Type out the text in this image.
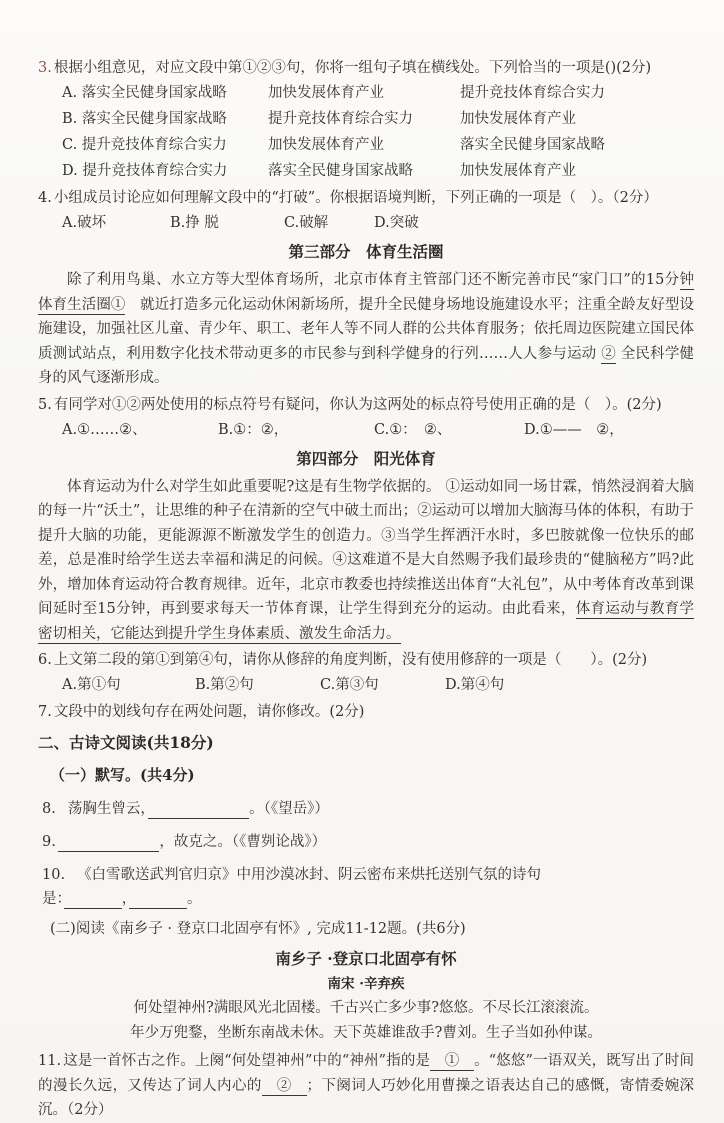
3. 根据小组意见，对应文段中第①②③句，你将一组句子填在横线处。下列恰当的一项是()(2分)
A. 落实全民健身国家战略	加快发展体育产业	提升竞技体育综合实力
B. 落实全民健身国家战略	提升竞技体育综合实力	加快发展体育产业
C. 提升竞技体育综合实力	加快发展体育产业	落实全民健身国家战略
D. 提升竞技体育综合实力	落实全民健身国家战略	加快发展体育产业
4. 小组成员讨论应如何理解文段中的“打破”。你根据语境判断，下列正确的一项是（　）。（2分）
A.破坏	B.挣 脱	C.破解	D.突破
第三部分　体育生活圈

除了利用鸟巢、水立方等大型体育场所，北京市体育主管部门还不断完善市民“家门口”的15分钟体育生活圈①　就近打造多元化运动休闲新场所，提升全民健身场地设施建设水平；注重全龄友好型设施建设，加强社区儿童、青少年、职工、老年人等不同人群的公共体育服务；依托周边医院建立国民体质测试站点，利用数字化技术带动更多的市民参与到科学健身的行列……人人参与运动 ② 全民科学健身的风气逐渐形成。

5. 有同学对①②两处使用的标点符号有疑问，你认为这两处的标点符号使用正确的是（　）。(2分)
A.①……②、	B.①：②，	C.①：　②、	D.①——　②，
第四部分　阳光体育

体育运动为什么对学生如此重要呢?这是有生物学依据的。 ①运动如同一场甘霖，悄然浸润着大脑的每一片“沃土”，让思维的种子在清新的空气中破土而出；②运动可以增加大脑海马体的体积，有助于提升大脑的功能，更能源源不断激发学生的创造力。③当学生挥洒汗水时，多巴胺就像一位快乐的邮差，总是准时给学生送去幸福和满足的问候。④这难道不是大自然赐予我们最珍贵的“健脑秘方”吗?此外，增加体育运动符合教育规律。近年，北京市教委也持续推送出体育“大礼包”，从中考体育改革到课间延时至15分钟，再到要求每天一节体育课，让学生得到充分的运动。由此看来，体育运动与教育学密切相关，它能达到提升学生身体素质、激发生命活力。

6. 上文第二段的第①到第④句，请你从修辞的角度判断，没有使用修辞的一项是（　　）。(2分)
A.第①句	B.第②句	C.第③句	D.第④句
7. 文段中的划线句存在两处问题，请你修改。(2分)
二、古诗文阅读(共18分)
（一）默写。(共4分)
8. 荡胸生曾云，　　　　　　　	。（《望岳》）
9.　　　　　　　	，故克之。（《曹刿论战》）
10. 《白雪歌送武判官归京》中用沙漠冰封、阴云密布来烘托送别气氛的诗句是：　　　　	，　　　　	。
(二)阅读《南乡子 · 登京口北固亭有怀》, 完成11-12题。(共6分)
南乡子 ·登京口北固亭有怀
南宋 ·辛弃疾
何处望神州?满眼风光北固楼。千古兴亡多少事?悠悠。不尽长江滚滚流。
年少万兜鍪，坐断东南战未休。天下英雄谁敌手?曹刘。生子当如孙仲谋。
11. 这是一首怀古之作。上阕“何处望神州”中的“神州”指的是　①　。“悠悠”一语双关，既写出了时间的漫长久远，又传达了词人内心的　②　；下阕词人巧妙化用曹操之语表达自己的感慨，寄情委婉深沉。（2分）
